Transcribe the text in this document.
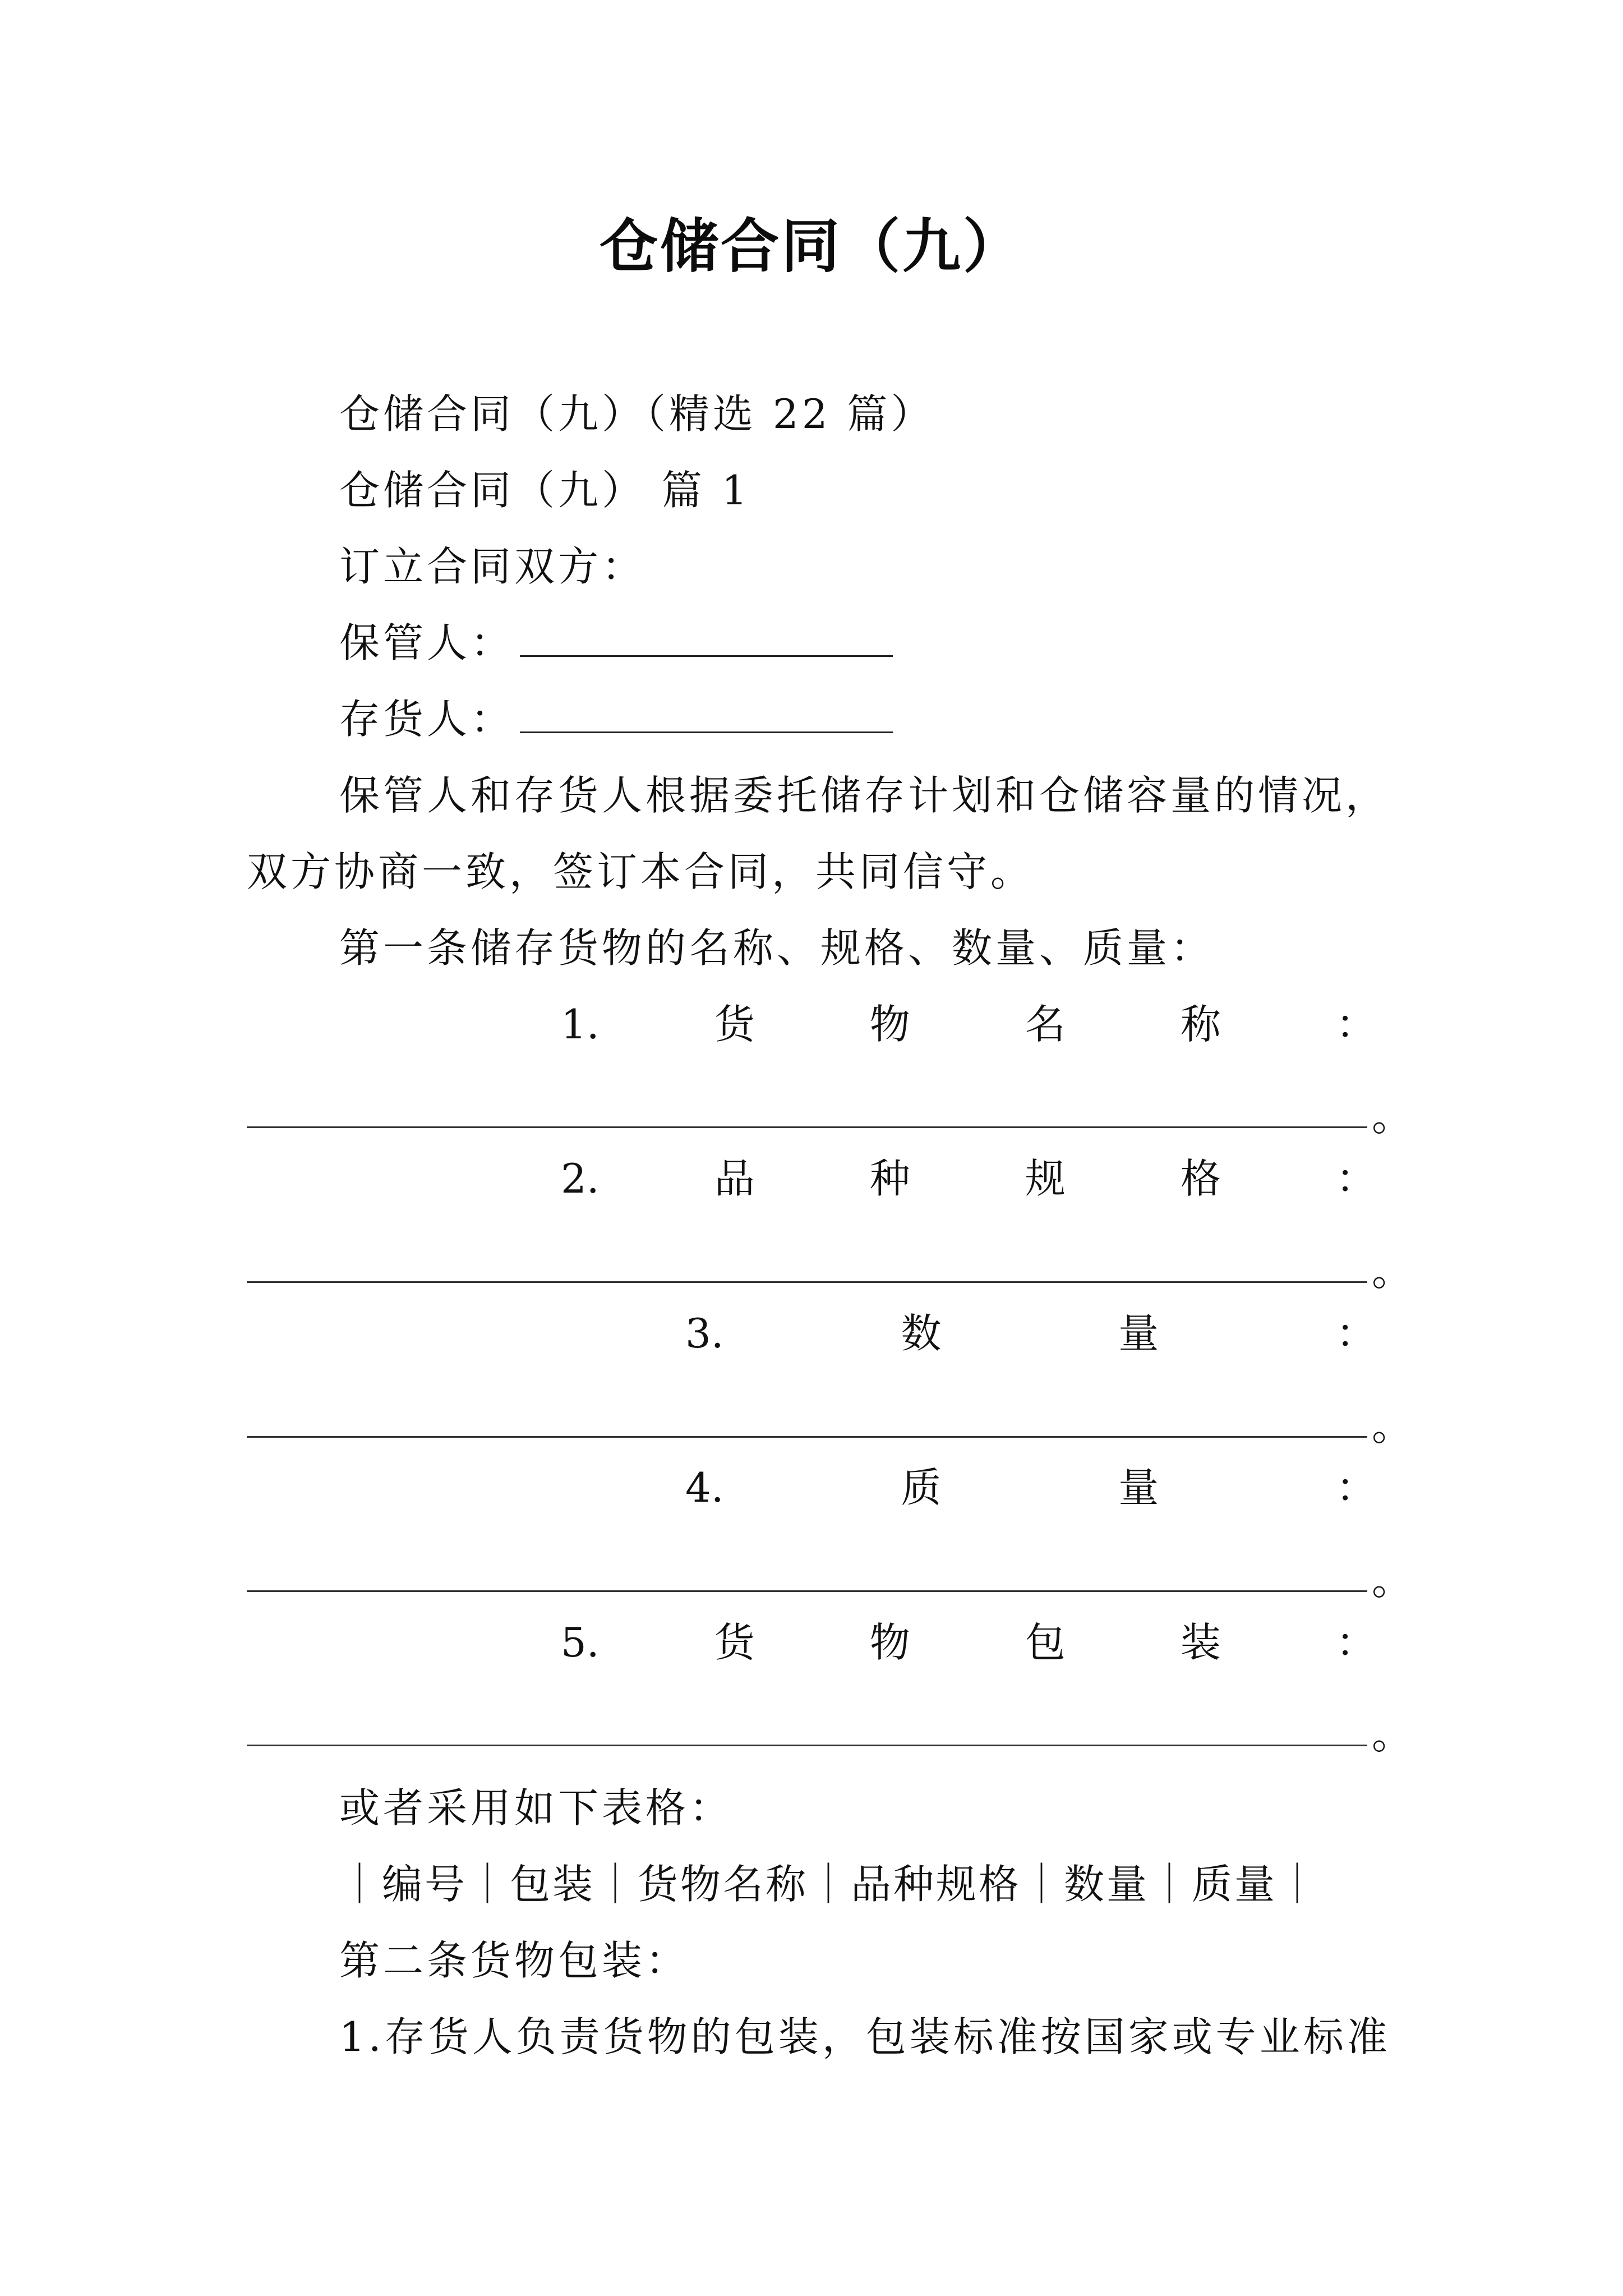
仓储合同（九）
仓储合同（九）（精选 22 篇）
仓储合同（九） 篇 1
订立合同双方：
保管人：
存货人：
保管人和存货人根据委托储存计划和仓储容量的情况，
双方协商一致，签订本合同，共同信守。
第一条储存货物的名称、规格、数量、质量：
1.	货	物	名	称	：
。
2.	品	种	规	格	：
。
3.	数	量	：
。
4.	质	量	：
。
5.	货	物	包	装	：
。
或者采用如下表格：
｜编号｜包装｜货物名称｜品种规格｜数量｜质量｜
第二条货物包装：
1.存货人负责货物的包装，包装标准按国家或专业标准
